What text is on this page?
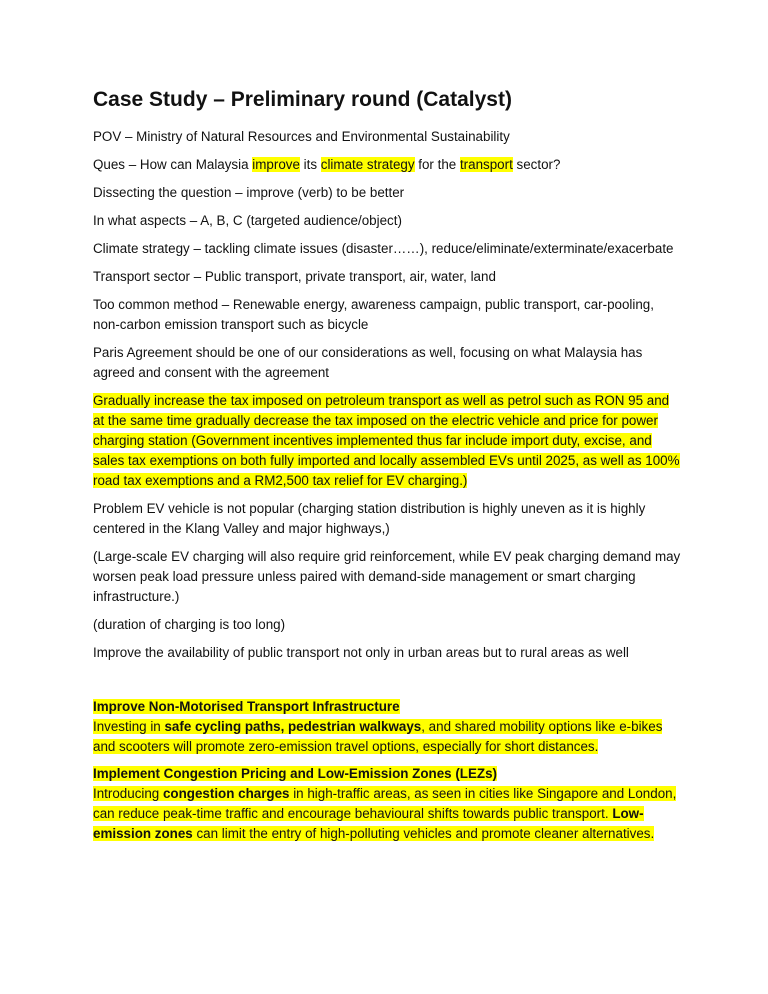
Case Study – Preliminary round (Catalyst)

POV – Ministry of Natural Resources and Environmental Sustainability

Ques – How can Malaysia improve its climate strategy for the transport sector?

Dissecting the question – improve (verb) to be better

In what aspects – A, B, C (targeted audience/object)

Climate strategy – tackling climate issues (disaster……), reduce/eliminate/exterminate/exacerbate

Transport sector – Public transport, private transport, air, water, land

Too common method – Renewable energy, awareness campaign, public transport, car-pooling, non-carbon emission transport such as bicycle

Paris Agreement should be one of our considerations as well, focusing on what Malaysia has agreed and consent with the agreement

Gradually increase the tax imposed on petroleum transport as well as petrol such as RON 95 and at the same time gradually decrease the tax imposed on the electric vehicle and price for power charging station (Government incentives implemented thus far include import duty, excise, and sales tax exemptions on both fully imported and locally assembled EVs until 2025, as well as 100% road tax exemptions and a RM2,500 tax relief for EV charging.)

Problem EV vehicle is not popular (charging station distribution is highly uneven as it is highly centered in the Klang Valley and major highways,)

(Large-scale EV charging will also require grid reinforcement, while EV peak charging demand may worsen peak load pressure unless paired with demand-side management or smart charging infrastructure.)

(duration of charging is too long)

Improve the availability of public transport not only in urban areas but to rural areas as well

Improve Non-Motorised Transport Infrastructure
Investing in safe cycling paths, pedestrian walkways, and shared mobility options like e-bikes and scooters will promote zero-emission travel options, especially for short distances.
Implement Congestion Pricing and Low-Emission Zones (LEZs)
Introducing congestion charges in high-traffic areas, as seen in cities like Singapore and London, can reduce peak-time traffic and encourage behavioural shifts towards public transport. Low-emission zones can limit the entry of high-polluting vehicles and promote cleaner alternatives.
